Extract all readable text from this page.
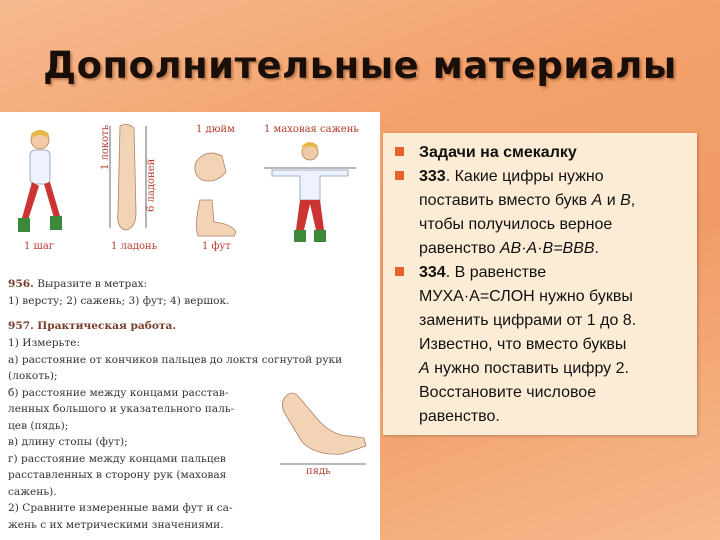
Дополнительные материалы
1 шаг
1 локоть
6 ладоней
1 ладонь
1 дюйм
1 фут
1 маховая сажень
956. Выразите в метрах:
1) версту; 2) сажень; 3) фут; 4) вершок.
957. Практическая работа.
1) Измерьте:
а) расстояние от кончиков пальцев до локтя согнутой руки
(локоть);
б) расстояние между концами расстав-
ленных большого и указательного паль-
цев (пядь);
в) длину стопы (фут);
г) расстояние между концами пальцев
расставленных в сторону рук (маховая
сажень).
2) Сравните измеренные вами фут и са-
жень с их метрическими значениями.
пядь
Задачи на смекалку
333. Какие цифры нужно
поставить вместо букв А и В,
чтобы получилось верное
равенство АВ·А·В=ВВВ.
334. В равенстве
МУХА·А=СЛОН нужно буквы
заменить цифрами от 1 до 8.
Известно, что вместо буквы
А нужно поставить цифру 2.
Восстановите числовое
равенство.
